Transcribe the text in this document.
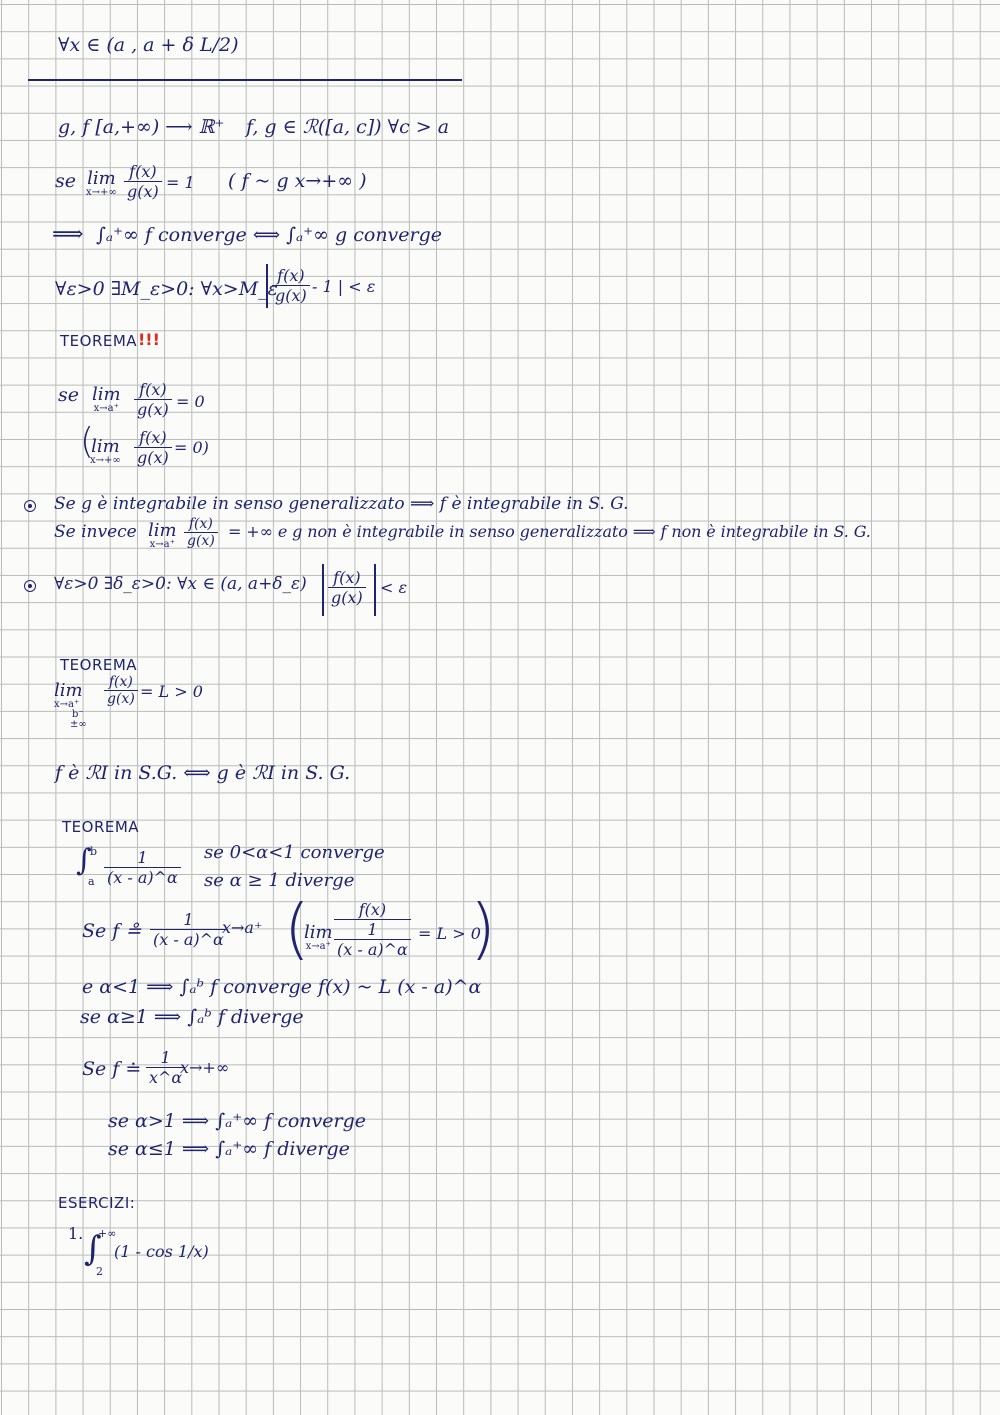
∀x ∈ (a , a + δ L/2)
g, f [a,+∞) ⟶ ℝ⁺ f, g ∈ ℛ([a, c]) ∀c > a
se lim
$x\to+\infty \frac{f(x)}{g(x)} = 1$ ( f ~ g x→+∞ )
⟹ ∫ₐ⁺∞ f converge ⟺ ∫ₐ⁺∞ g converge
∀ε>0 ∃M_ε>0: ∀x>M_ε
$\frac{f(x)}{g(x)} - 1$ | < ε
TEOREMA !!!
se lim
$x\to a^+ \frac{f(x)}{g(x)} = 0$
(
lim
$x\to+\infty \frac{f(x)}{g(x)} = 0$)
Se g è integrabile in senso generalizzato ⟹ f è integrabile in S. G.
Se invece lim
$x\to a^+ \frac{f(x)}{g(x)}$ = +∞ e g non è integrabile in senso generalizzato ⟹ f non è integrabile in S. G.
∀ε>0 ∃δ_ε>0: ∀x ∈ (a, a+δ_ε) $\frac{f(x)}{g(x)} < \varepsilon$
TEOREMA
lim
x→a⁺
b⁻
±∞
$\frac{f(x)}{g(x)} = L > 0$
f è ℛI in S.G. ⟺ g è ℛI in S. G.
TEOREMA
∫
b
a $\frac{1}{(x - a)\^{}\alpha}$ se 0<α<1 converge
se α ≥ 1 diverge
Se f ≗ $\frac{1}{(x - a)\^{}\alpha}$
x→a⁺ (
lim
x→a⁺
f(x)
1
(x - a)^α
= L > 0
)
e α<1 ⟹ ∫ₐᵇ f converge f(x) ~ L (x - a)^α
se α≥1 ⟹ ∫ₐᵇ f diverge
Se f ≐ $\frac{1}{x\^{}\alpha}$
x→+∞
se α>1 ⟹ ∫ₐ⁺∞ f converge
se α≤1 ⟹ ∫ₐ⁺∞ f diverge
ESERCIZI:
1. ∫
+∞
2
(1 - cos 1/x)
